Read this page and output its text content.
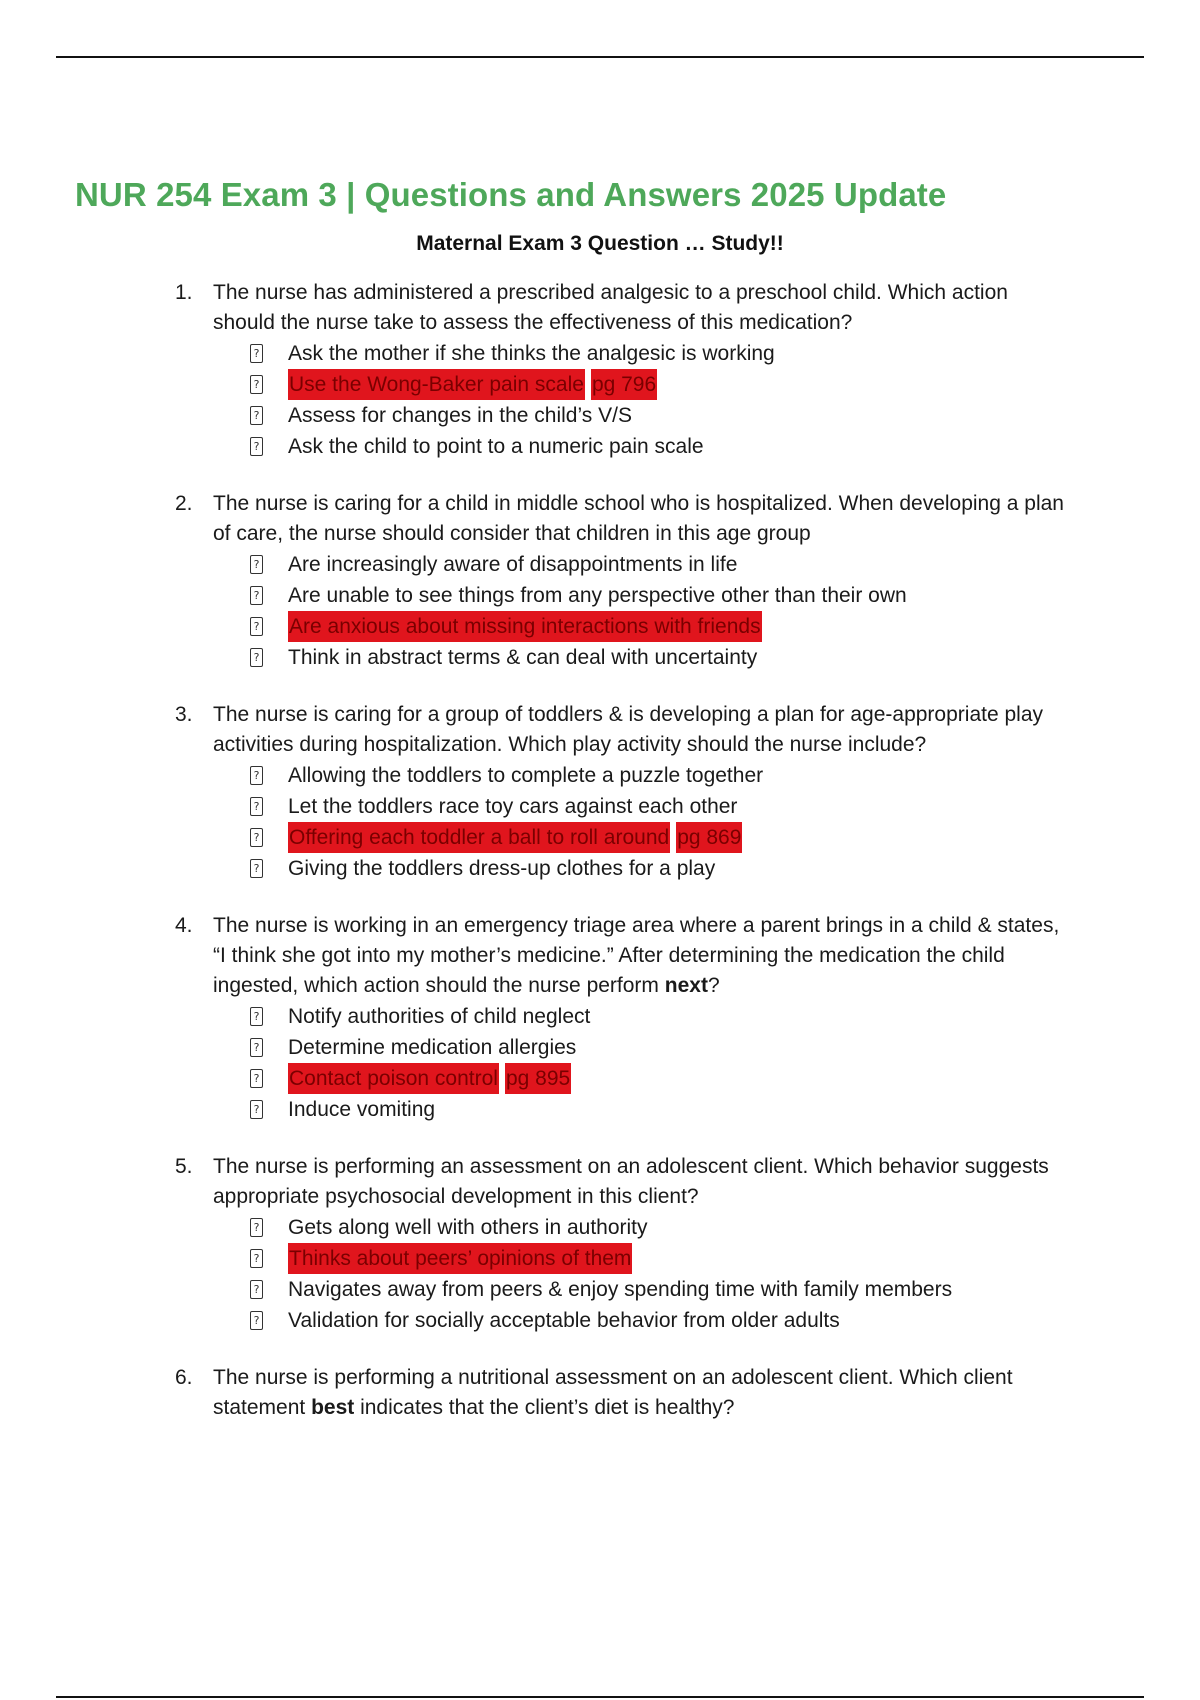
NUR 254 Exam 3 | Questions and Answers 2025 Update
Maternal Exam 3 Question … Study!!
1. The nurse has administered a prescribed analgesic to a preschool child. Which action should the nurse take to assess the effectiveness of this medication?
? Ask the mother if she thinks the analgesic is working
? Use the Wong-Baker pain scale pg 796
? Assess for changes in the child’s V/S
? Ask the child to point to a numeric pain scale
2. The nurse is caring for a child in middle school who is hospitalized. When developing a plan of care, the nurse should consider that children in this age group
? Are increasingly aware of disappointments in life
? Are unable to see things from any perspective other than their own
? Are anxious about missing interactions with friends
? Think in abstract terms & can deal with uncertainty
3. The nurse is caring for a group of toddlers & is developing a plan for age-appropriate play activities during hospitalization. Which play activity should the nurse include?
? Allowing the toddlers to complete a puzzle together
? Let the toddlers race toy cars against each other
? Offering each toddler a ball to roll around pg 869
? Giving the toddlers dress-up clothes for a play
4. The nurse is working in an emergency triage area where a parent brings in a child & states, “I think she got into my mother’s medicine.” After determining the medication the child ingested, which action should the nurse perform next?
? Notify authorities of child neglect
? Determine medication allergies
? Contact poison control pg 895
? Induce vomiting
5. The nurse is performing an assessment on an adolescent client. Which behavior suggests appropriate psychosocial development in this client?
? Gets along well with others in authority
? Thinks about peers’ opinions of them
? Navigates away from peers & enjoy spending time with family members
? Validation for socially acceptable behavior from older adults
6. The nurse is performing a nutritional assessment on an adolescent client. Which client statement best indicates that the client’s diet is healthy?
